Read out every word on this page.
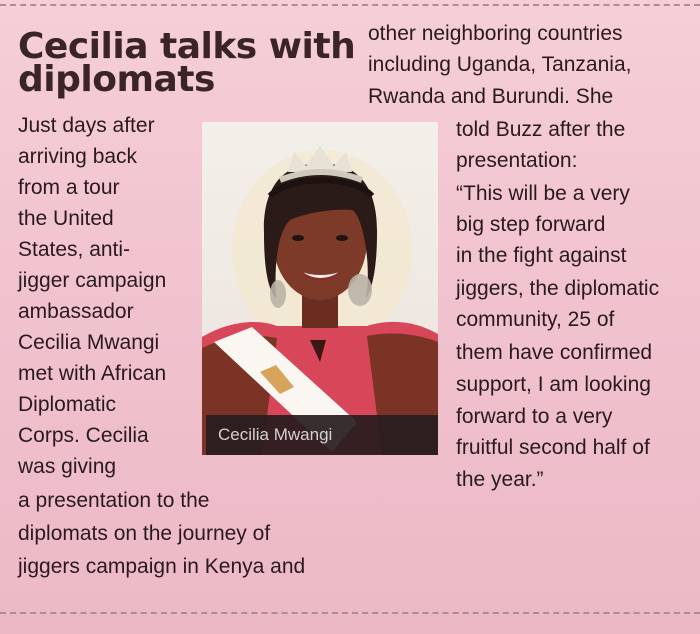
Cecilia talks with diplomats
Just days after
arriving back
from a tour
the United
States, anti-
jigger campaign
ambassador
Cecilia Mwangi
met with African
Diplomatic
Corps. Cecilia
was giving
a presentation to the
diplomats on the journey of
jiggers campaign in Kenya and
other neighboring countries
including Uganda, Tanzania,
Rwanda and Burundi. She
told Buzz after the
presentation:
“This will be a very
big step forward
in the fight against
jiggers, the diplomatic
community, 25 of
them have confirmed
support, I am looking
forward to a very
fruitful second half of
the year.”
Cecilia Mwangi
